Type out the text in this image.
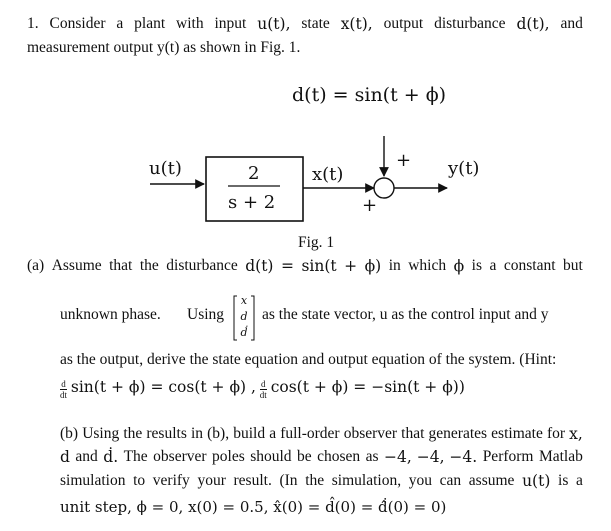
1. Consider a plant with input u(t), state x(t), output disturbance d(t), and
measurement output y(t) as shown in Fig. 1.
d(t) = sin(t + ϕ)
u(t)	x(t)	y(t)
2
s + 2
+
+
Fig. 1
(a) Assume that the disturbance d(t) = sin(t + ϕ) in which ϕ is a constant but
unknown phase. Using
x
d
ḋ
as the state vector, u as the control input and y
as the output, derive the state equation and output equation of the system. (Hint:
$\frac{d}{dt} \sin(t + \phi) = \cos(t + \phi)$ , $\frac{d}{dt} \cos(t + \phi) = -\sin(t + \phi)$)
(b) Using the results in (b), build a full-order observer that generates estimate for x,
d and ḋ. The observer poles should be chosen as −4, −4, −4. Perform Matlab
simulation to verify your result. (In the simulation, you can assume u(t) is a
unit step, ϕ = 0, x(0) = 0.5, x̂(0) = d̂(0) = ḋ̂(0) = 0)
